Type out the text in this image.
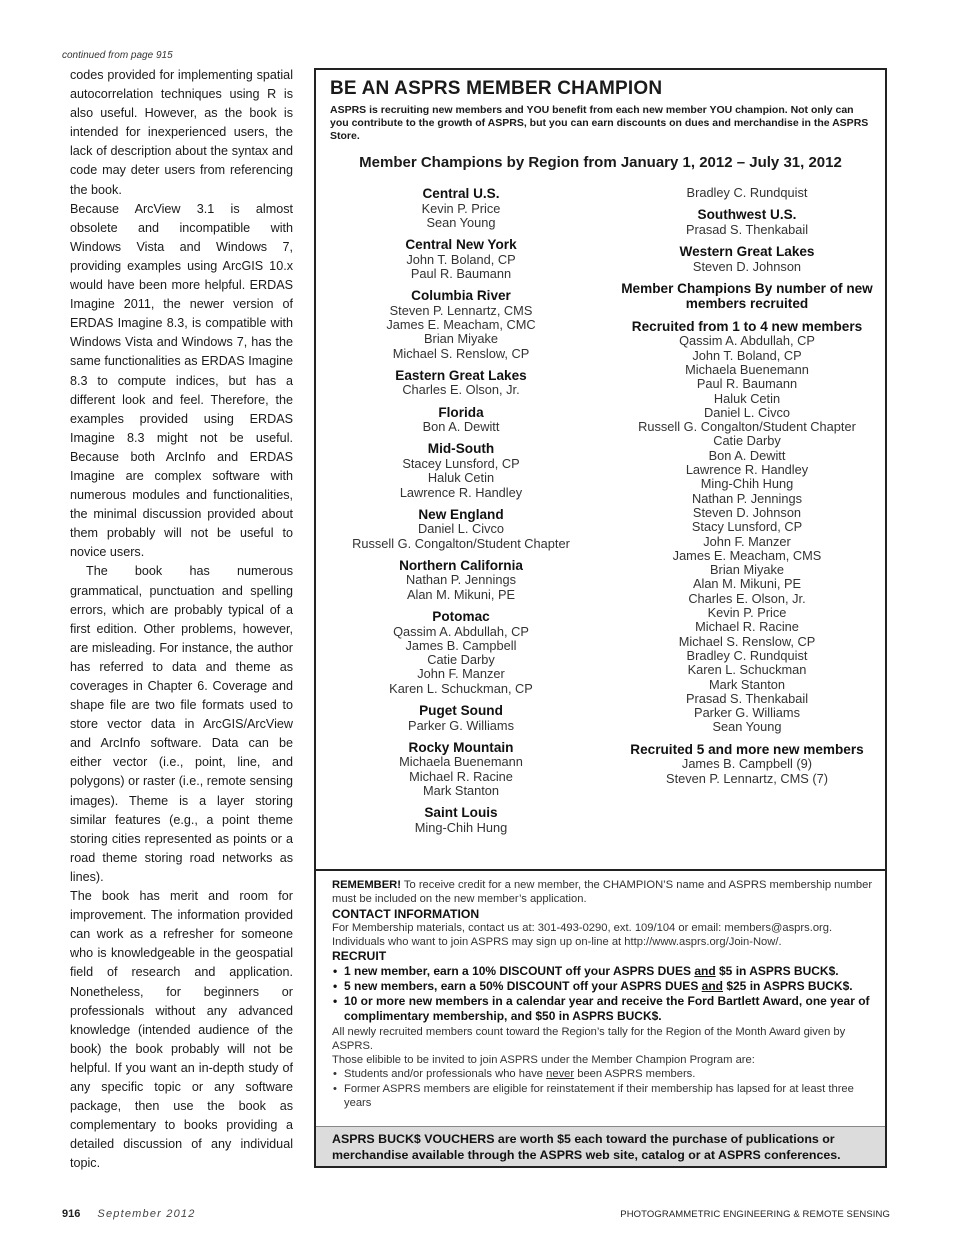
continued from page 915

codes provided for implementing spatial autocorrelation techniques using R is also useful. However, as the book is intended for inexperienced users, the lack of description about the syntax and code may deter users from referencing the book.

Because ArcView 3.1 is almost obsolete and incompatible with Windows Vista and Windows 7, providing examples using ArcGIS 10.x would have been more helpful. ERDAS Imagine 2011, the newer version of ERDAS Imagine 8.3, is compatible with Windows Vista and Windows 7, has the same functionalities as ERDAS Imagine 8.3 to compute indices, but has a different look and feel. Therefore, the examples provided using ERDAS Imagine 8.3 might not be useful. Because both ArcInfo and ERDAS Imagine are complex software with numerous modules and functionalities, the minimal discussion provided about them probably will not be useful to novice users.

The book has numerous grammatical, punctuation and spelling errors, which are probably typical of a first edition. Other problems, however, are misleading. For instance, the author has referred to data and theme as coverages in Chapter 6. Coverage and shape file are two file formats used to store vector data in ArcGIS/ArcView and ArcInfo software. Data can be either vector (i.e., point, line, and polygons) or raster (i.e., remote sensing images). Theme is a layer storing similar features (e.g., a point theme storing cities represented as points or a road theme storing road networks as lines).

The book has merit and room for improvement. The information provided can work as a refresher for someone who is knowledgeable in the geospatial field of research and application. Nonetheless, for beginners or professionals without any advanced knowledge (intended audience of the book) the book probably will not be helpful. If you want an in-depth study of any specific topic or any software package, then use the book as complementary to books providing a detailed discussion of any individual topic.

BE AN ASPRS MEMBER CHAMPION
ASPRS is recruiting new members and YOU benefit from each new member YOU champion. Not only can you contribute to the growth of ASPRS, but you can earn discounts on dues and merchandise in the ASPRS Store.
Member Champions by Region from January 1, 2012 – July 31, 2012
Central U.S.
Kevin P. Price
Sean Young
Central New York
John T. Boland, CP
Paul R. Baumann
Columbia River
Steven P. Lennartz, CMS
James E. Meacham, CMC
Brian Miyake
Michael S. Renslow, CP
Eastern Great Lakes
Charles E. Olson, Jr.
Florida
Bon A. Dewitt
Mid-South
Stacey Lunsford, CP
Haluk Cetin
Lawrence R. Handley
New England
Daniel L. Civco
Russell G. Congalton/Student Chapter
Northern California
Nathan P. Jennings
Alan M. Mikuni, PE
Potomac
Qassim A. Abdullah, CP
James B. Campbell
Catie Darby
John F. Manzer
Karen L. Schuckman, CP
Puget Sound
Parker G. Williams
Rocky Mountain
Michaela Buenemann
Michael R. Racine
Mark Stanton
Saint Louis
Ming-Chih Hung
Bradley C. Rundquist
Southwest U.S.
Prasad S. Thenkabail
Western Great Lakes
Steven D. Johnson
Member Champions By number of new members recruited
Recruited from 1 to 4 new members
Qassim A. Abdullah, CP
John T. Boland, CP
Michaela Buenemann
Paul R. Baumann
Haluk Cetin
Daniel L. Civco
Russell G. Congalton/Student Chapter
Catie Darby
Bon A. Dewitt
Lawrence R. Handley
Ming-Chih Hung
Nathan P. Jennings
Steven D. Johnson
Stacy Lunsford, CP
John F. Manzer
James E. Meacham, CMS
Brian Miyake
Alan M. Mikuni, PE
Charles E. Olson, Jr.
Kevin P. Price
Michael R. Racine
Michael S. Renslow, CP
Bradley C. Rundquist
Karen L. Schuckman
Mark Stanton
Prasad S. Thenkabail
Parker G. Williams
Sean Young
Recruited 5 and more new members
James B. Campbell (9)
Steven P. Lennartz, CMS (7)

REMEMBER! To receive credit for a new member, the CHAMPION’S name and ASPRS membership number must be included on the new member’s application.

CONTACT INFORMATION

For Membership materials, contact us at: 301-493-0290, ext. 109/104 or email: members@asprs.org. Individuals who want to join ASPRS may sign up on-line at http://www.asprs.org/Join-Now/.

RECRUIT
• 1 new member, earn a 10% DISCOUNT off your ASPRS DUES and $5 in ASPRS BUCK$.
• 5 new members, earn a 50% DISCOUNT off your ASPRS DUES and $25 in ASPRS BUCK$.
• 10 or more new members in a calendar year and receive the Ford Bartlett Award, one year of complimentary membership, and $50 in ASPRS BUCK$.

All newly recruited members count toward the Region’s tally for the Region of the Month Award given by ASPRS.

Those elibible to be invited to join ASPRS under the Member Champion Program are:

• Students and/or professionals who have never been ASPRS members.
• Former ASPRS members are eligible for reinstatement if their membership has lapsed for at least three years
ASPRS BUCK$ VOUCHERS are worth $5 each toward the purchase of publications or merchandise available through the ASPRS web site, catalog or at ASPRS conferences.
916 September 2012	PHOTOGRAMMETRIC ENGINEERING & REMOTE SENSING
